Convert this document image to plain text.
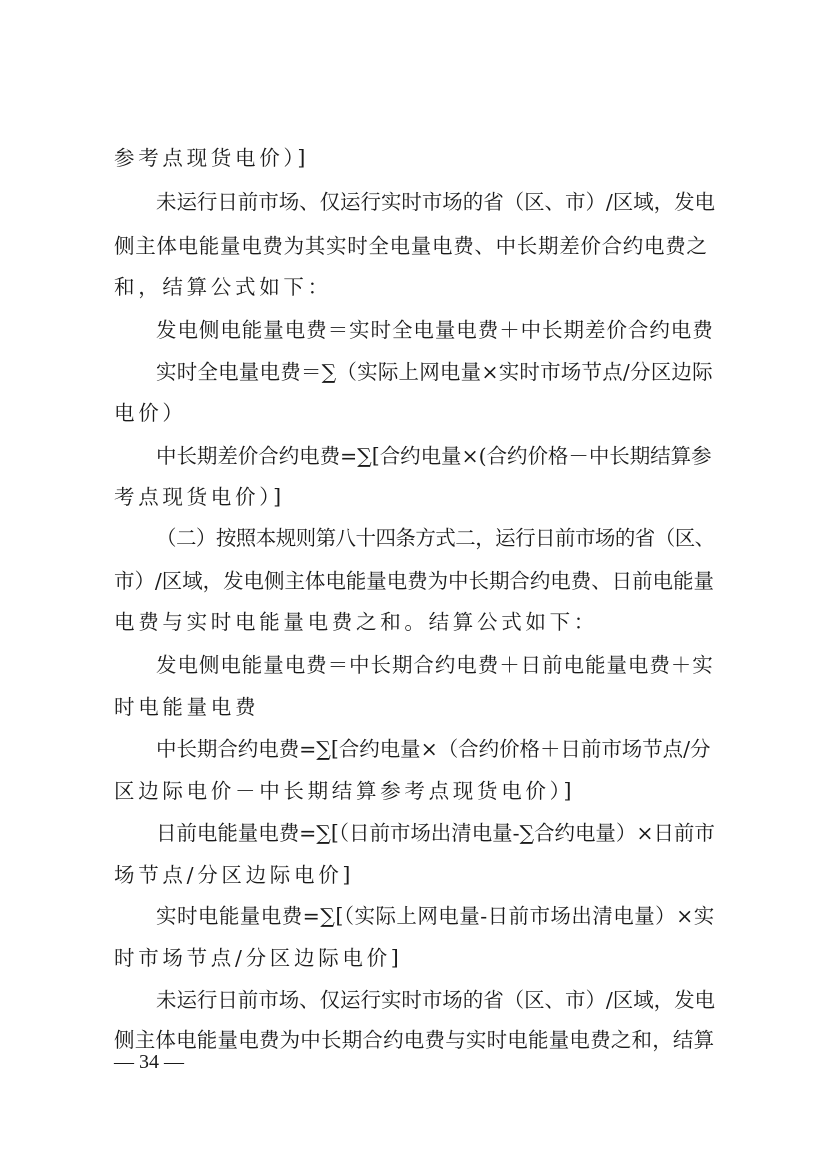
参考点现货电价）]
未运行日前市场、仅运行实时市场的省（区、市）/区域，发电
侧主体电能量电费为其实时全电量电费、中长期差价合约电费之
和，结算公式如下：
发电侧电能量电费＝实时全电量电费＋中长期差价合约电费
实时全电量电费＝∑（实际上网电量×实时市场节点/分区边际
电价）
中长期差价合约电费=∑[合约电量×(合约价格－中长期结算参
考点现货电价）]
（二）按照本规则第八十四条方式二，运行日前市场的省（区、
市）/区域，发电侧主体电能量电费为中长期合约电费、日前电能量
电费与实时电能量电费之和。结算公式如下：
发电侧电能量电费＝中长期合约电费＋日前电能量电费＋实
时电能量电费
中长期合约电费=∑[合约电量×（合约价格＋日前市场节点/分
区边际电价－中长期结算参考点现货电价）]
日前电能量电费=∑[（日前市场出清电量-∑合约电量）×日前市
场节点/分区边际电价]
实时电能量电费=∑[（实际上网电量-日前市场出清电量）×实
时市场节点/分区边际电价]
未运行日前市场、仅运行实时市场的省（区、市）/区域，发电
侧主体电能量电费为中长期合约电费与实时电能量电费之和，结算
— 34 —
